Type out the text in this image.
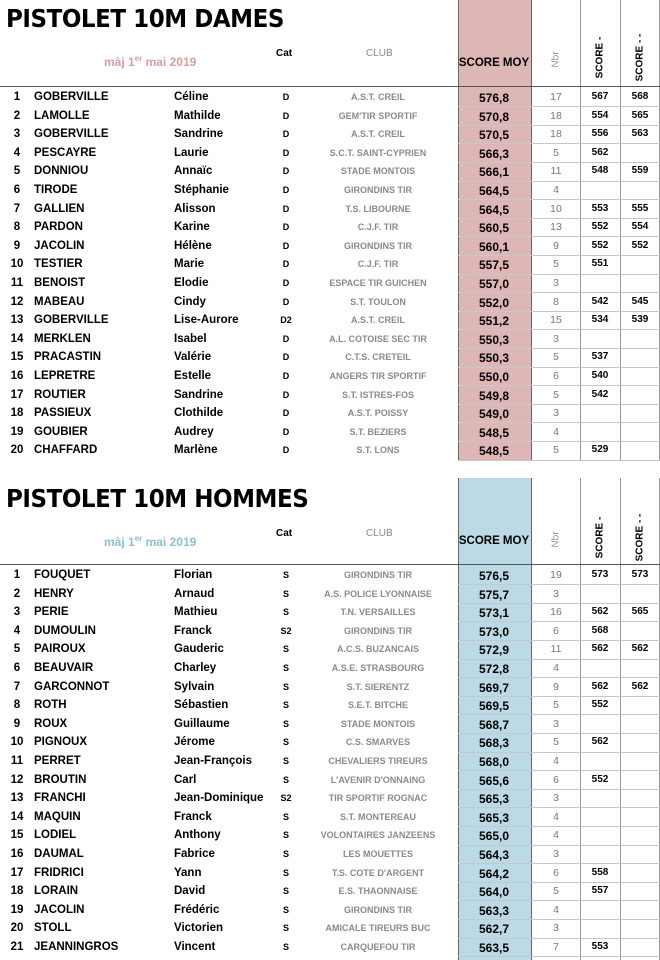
PISTOLET 10M DAMES
màj 1er mai 2019
Cat	CLUB
SCORE MOY Nbr	SCORE -	SCORE - -
1	GOBERVILLE	Céline	D	A.S.T. CREIL	576,8	17	567	568
2	LAMOLLE	Mathilde	D	GEM'TIR SPORTIF	570,8	18	554	565
3	GOBERVILLE	Sandrine	D	A.S.T. CREIL	570,5	18	556	563
4	PESCAYRE	Laurie	D	S.C.T. SAINT-CYPRIEN	566,3	5	562
5	DONNIOU	Annaïc	D	STADE MONTOIS	566,1	11	548	559
6	TIRODE	Stéphanie	D	GIRONDINS TIR	564,5	4
7	GALLIEN	Alisson	D	T.S. LIBOURNE	564,5	10	553	555
8	PARDON	Karine	D	C.J.F. TIR	560,5	13	552	554
9	JACOLIN	Hélène	D	GIRONDINS TIR	560,1	9	552	552
10 TESTIER	Marie	D	C.J.F. TIR	557,5	5	551
11 BENOIST	Elodie	D	ESPACE TIR GUICHEN	557,0	3
12 MABEAU	Cindy	D	S.T. TOULON	552,0	8	542	545
13 GOBERVILLE	Lise-Aurore	D2	A.S.T. CREIL	551,2	15	534	539
14 MERKLEN	Isabel	D	A.L. COTOISE SEC TIR	550,3	3
15 PRACASTIN	Valérie	D	C.T.S. CRETEIL	550,3	5	537
16 LEPRETRE	Estelle	D	ANGERS TIR SPORTIF	550,0	6	540
17 ROUTIER	Sandrine	D	S.T. ISTRES-FOS	549,8	5	542
18 PASSIEUX	Clothilde	D	A.S.T. POISSY	549,0	3
19 GOUBIER	Audrey	D	S.T. BEZIERS	548,5	4
20 CHAFFARD	Marlène	D	S.T. LONS	548,5	5	529
PISTOLET 10M HOMMES
màj 1er mai 2019
Cat	CLUB
SCORE MOY Nbr	SCORE -	SCORE - -
1	FOUQUET	Florian	S	GIRONDINS TIR	576,5	19	573	573
2	HENRY	Arnaud	S	A.S. POLICE LYONNAISE	575,7	3
3	PERIE	Mathieu	S	T.N. VERSAILLES	573,1	16	562	565
4	DUMOULIN	Franck	S2	GIRONDINS TIR	573,0	6	568
5	PAIROUX	Gauderic	S	A.C.S. BUZANCAIS	572,9	11	562	562
6	BEAUVAIR	Charley	S	A.S.E. STRASBOURG	572,8	4
7	GARCONNOT	Sylvain	S	S.T. SIERENTZ	569,7	9	562	562
8	ROTH	Sébastien	S	S.E.T. BITCHE	569,5	5	552
9	ROUX	Guillaume	S	STADE MONTOIS	568,7	3
10 PIGNOUX	Jérome	S	C.S. SMARVES	568,3	5	562
11 PERRET	Jean-François	S	CHEVALIERS TIREURS	568,0	4
12 BROUTIN	Carl	S	L'AVENIR D'ONNAING	565,6	6	552
13 FRANCHI	Jean-Dominique S2	TIR SPORTIF ROGNAC	565,3	3
14 MAQUIN	Franck	S	S.T. MONTEREAU	565,3	4
15 LODIEL	Anthony	S	VOLONTAIRES JANZEENS	565,0	4
16 DAUMAL	Fabrice	S	LES MOUETTES	564,3	3
17 FRIDRICI	Yann	S	T.S. COTE D'ARGENT	564,2	6	558
18 LORAIN	David	S	E.S. THAONNAISE	564,0	5	557
19 JACOLIN	Frédéric	S	GIRONDINS TIR	563,3	4
20 STOLL	Victorien	S	AMICALE TIREURS BUC	562,7	3
21 JEANNINGROS	Vincent	S	CARQUEFOU TIR	563,5	7	553
